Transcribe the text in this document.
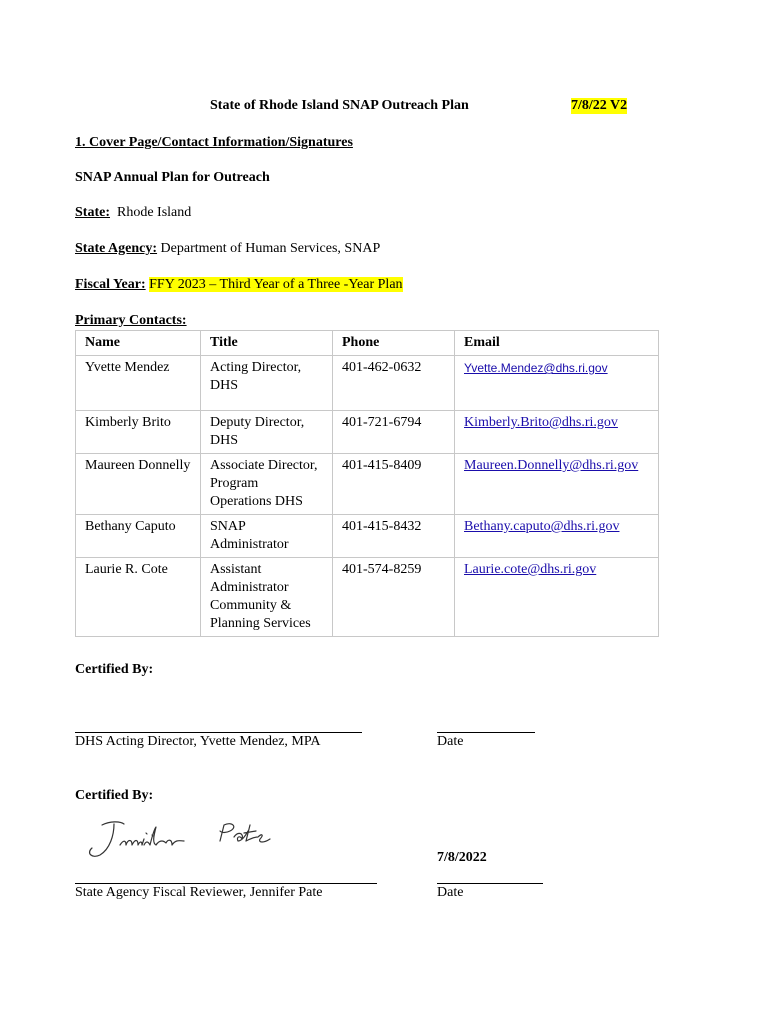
State of Rhode Island SNAP Outreach Plan	7/8/22 V2
1. Cover Page/Contact Information/Signatures
SNAP Annual Plan for Outreach
State: Rhode Island
State Agency: Department of Human Services, SNAP
Fiscal Year: FFY 2023 – Third Year of a Three -Year Plan
Primary Contacts:
Name	Title	Phone	Email
Yvette Mendez	Acting Director, DHS	401-462-0632	Yvette.Mendez@dhs.ri.gov
Kimberly Brito	Deputy Director, DHS	401-721-6794	Kimberly.Brito@dhs.ri.gov
Maureen Donnelly	Associate Director, Program Operations DHS	401-415-8409	Maureen.Donnelly@dhs.ri.gov
Bethany Caputo	SNAP Administrator	401-415-8432	Bethany.caputo@dhs.ri.gov
Laurie R. Cote	Assistant Administrator Community & Planning Services	401-574-8259	Laurie.cote@dhs.ri.gov
Certified By:
DHS Acting Director, Yvette Mendez, MPA	Date
Certified By:
7/8/2022
State Agency Fiscal Reviewer, Jennifer Pate	Date
